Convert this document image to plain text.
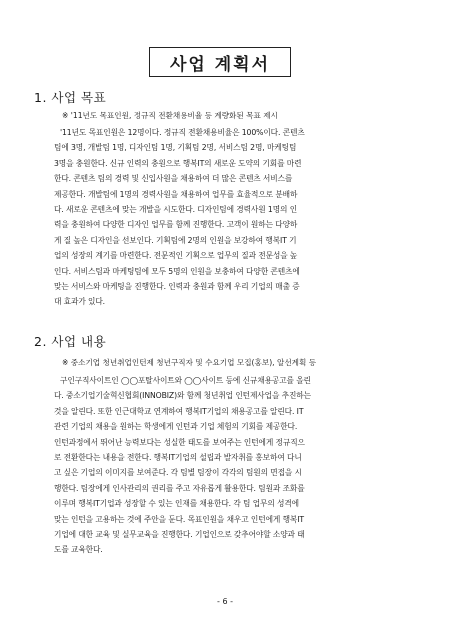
사업 계획서
1. 사업 목표
※ '11년도 목표인원, 정규직 전환채용비율 등 계량화된 목표 제시
'11년도 목표인원은 12명이다. 정규직 전환채용비율은 100%이다. 콘텐츠
팀에 3명, 개발팀 1명, 디자인팀 1명, 기획팀 2명, 서비스팀 2명, 마케팅팀
3명을 충원한다. 신규 인력의 충원으로 행복IT의 새로운 도약의 기회를 마련
한다. 콘텐츠 팀의 경력 및 신입사원을 채용하여 더 많은 콘텐츠 서비스를
제공한다. 개발팀에 1명의 경력사원을 채용하여 업무를 효율적으로 분배하
다. 새로운 콘텐츠에 맞는 개발을 시도한다. 디자인팀에 경력사원 1명의 인
력을 충원하여 다양한 디자인 업무를 함께 진행한다. 고객이 원하는 다양하
게 질 높은 디자인을 선보인다. 기획팀에 2명의 인원을 보강하여 행복IT 기
업의 성장의 계기를 마련한다. 전문적인 기획으로 업무의 질과 전문성을 높
인다. 서비스팀과 마케팅팀에 모두 5명의 인원을 보충하여 다양한 콘텐츠에
맞는 서비스와 마케팅을 진행한다. 인력과 충원과 함께 우리 기업의 매출 증
대 효과가 있다.
2. 사업 내용
※ 중소기업 청년취업인턴제 청년구직자 및 수요기업 모집(홍보), 알선계획 등
구인구직사이트인 ◯◯포탈사이트와 ◯◯사이트 등에 신규채용공고를 올린
다. 중소기업기술혁신협회(INNOBIZ)와 함께 청년취업 인턴제사업을 추진하는
것을 알린다. 또한 인근대학교 연계하여 행복IT기업의 채용공고를 알린다. IT
관련 기업의 채용을 원하는 학생에게 인턴과 기업 체험의 기회를 제공한다.
인턴과정에서 뛰어난 능력보다는 성실한 태도를 보여주는 인턴에게 정규직으
로 전환한다는 내용을 전한다. 행복IT기업의 설립과 발자취를 홍보하여 다니
고 싶은 기업의 이미지를 보여준다. 각 팀별 팀장이 각각의 팀원의 면접을 시
행한다. 팀장에게 인사관리의 권리를 주고 자유롭게 활용한다. 팀원과 조화를
이루며 행복IT기업과 성장할 수 있는 인재를 채용한다. 각 팀 업무의 성격에
맞는 인턴을 고용하는 것에 주안을 둔다. 목표인원을 채우고 인턴에게 행복IT
기업에 대한 교육 및 실무교육을 진행한다. 기업인으로 갖추어야할 소양과 태
도를 교육한다.
- 6 -
